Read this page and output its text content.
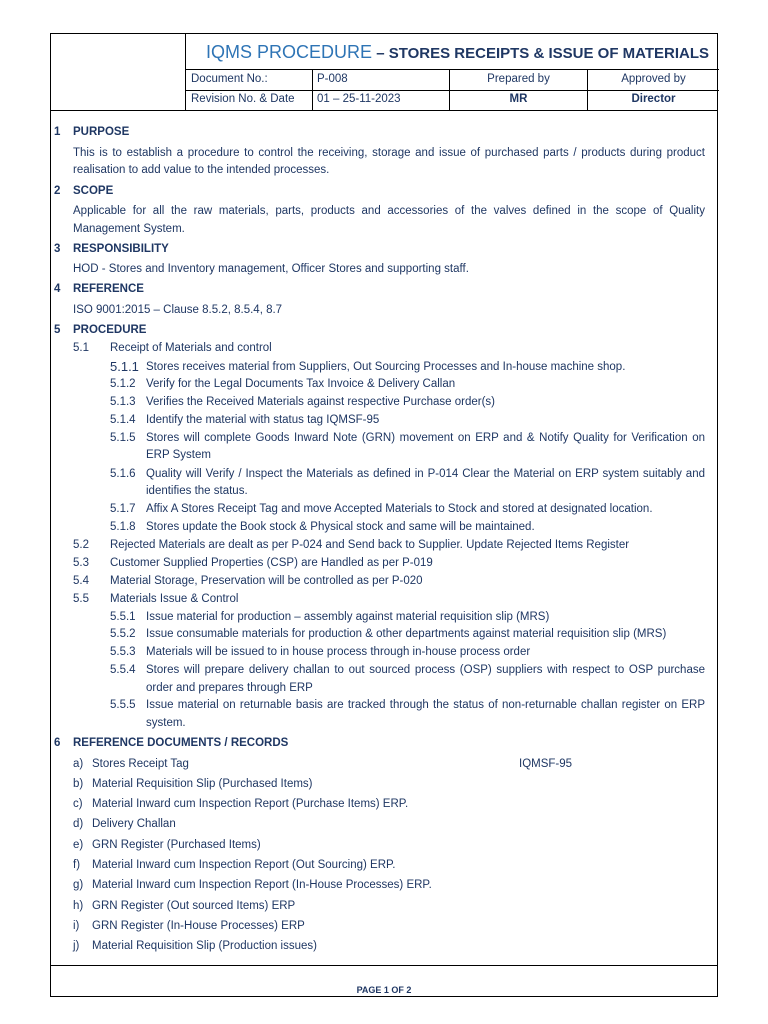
IQMS PROCEDURE – STORES RECEIPTS & ISSUE OF MATERIALS
Document No.:	P-008	Prepared by	Approved by
Revision No. & Date 01 – 25-11-2023	MR	Director
1 PURPOSE
This is to establish a procedure to control the receiving, storage and issue of purchased parts / products during product
realisation to add value to the intended processes.
2 SCOPE
Applicable for all the raw materials, parts, products and accessories of the valves defined in the scope of Quality
Management System.
3 RESPONSIBILITY
HOD - Stores and Inventory management, Officer Stores and supporting staff.
4 REFERENCE
ISO 9001:2015 – Clause 8.5.2, 8.5.4, 8.7
5 PROCEDURE
5.1 Receipt of Materials and control
5.1.1 Stores receives material from Suppliers, Out Sourcing Processes and In-house machine shop.
5.1.2 Verify for the Legal Documents Tax Invoice & Delivery Callan
5.1.3 Verifies the Received Materials against respective Purchase order(s)
5.1.4 Identify the material with status tag IQMSF-95
5.1.5 Stores will complete Goods Inward Note (GRN) movement on ERP and & Notify Quality for Verification on
ERP System
5.1.6 Quality will Verify / Inspect the Materials as defined in P-014 Clear the Material on ERP system suitably and
identifies the status.
5.1.7 Affix A Stores Receipt Tag and move Accepted Materials to Stock and stored at designated location.
5.1.8 Stores update the Book stock & Physical stock and same will be maintained.
5.2 Rejected Materials are dealt as per P-024 and Send back to Supplier. Update Rejected Items Register
5.3 Customer Supplied Properties (CSP) are Handled as per P-019
5.4 Material Storage, Preservation will be controlled as per P-020
5.5 Materials Issue & Control
5.5.1 Issue material for production – assembly against material requisition slip (MRS)
5.5.2 Issue consumable materials for production & other departments against material requisition slip (MRS)
5.5.3 Materials will be issued to in house process through in-house process order
5.5.4 Stores will prepare delivery challan to out sourced process (OSP) suppliers with respect to OSP purchase
order and prepares through ERP
5.5.5 Issue material on returnable basis are tracked through the status of non-returnable challan register on ERP
system.
6 REFERENCE DOCUMENTS / RECORDS
a) Stores Receipt Tag	IQMSF-95
b) Material Requisition Slip (Purchased Items)
c) Material Inward cum Inspection Report (Purchase Items) ERP.
d) Delivery Challan
e) GRN Register (Purchased Items)
f) Material Inward cum Inspection Report (Out Sourcing) ERP.
g) Material Inward cum Inspection Report (In-House Processes) ERP.
h) GRN Register (Out sourced Items) ERP
i) GRN Register (In-House Processes) ERP
j) Material Requisition Slip (Production issues)
PAGE 1 OF 2
